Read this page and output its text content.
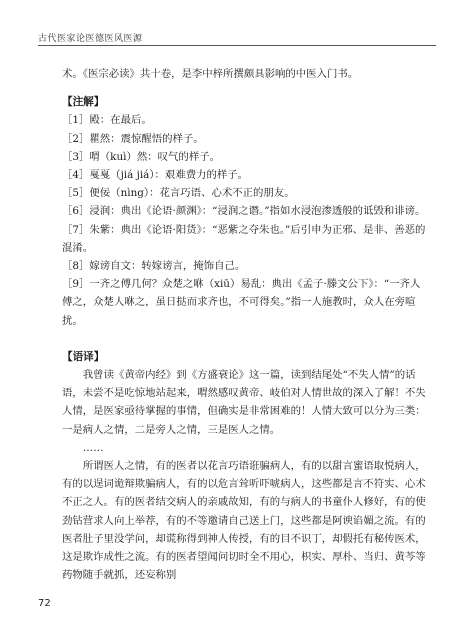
古代医家论医德医风医源

术。《医宗必读》共十卷，是李中梓所撰颇具影响的中医入门书。

【注解】

［1］殿：在最后。

［2］瞿然：震惊醒悟的样子。

［3］喟（kuì）然：叹气的样子。

［4］戛戛（jiá jiá）：艰难费力的样子。

［5］便佞（nìng）：花言巧语、心术不正的朋友。

［6］浸润：典出《论语·颜渊》：“浸润之谮。”指如水浸泡渗透般的诋毁和诽谤。

［7］朱紫：典出《论语·阳货》：“恶紫之夺朱也。”后引申为正邪、是非、善恶的混淆。

［8］嫁谤自文：转嫁谤言，掩饰自己。

［9］一齐之傅几何？众楚之咻（xiū）易乱：典出《孟子·滕文公下》：“一齐人傅之，众楚人咻之，虽日挞而求齐也，不可得矣。”指一人施教时，众人在旁喧扰。

【语译】

我曾读《黄帝内经》到《方盛衰论》这一篇，读到结尾处“不失人情”的话语，未尝不是吃惊地站起来，喟然感叹黄帝、岐伯对人情世故的深入了解！不失人情，是医家亟待掌握的事情，但确实是非常困难的！人情大致可以分为三类：一是病人之情，二是旁人之情，三是医人之情。

……

所谓医人之情，有的医者以花言巧语诳骗病人，有的以甜言蜜语取悦病人，有的以逞词诡辩欺骗病人，有的以危言耸听吓唬病人，这些都是言不符实、心术不正之人。有的医者结交病人的亲戚故知，有的与病人的书童仆人修好，有的使劲钻营求人向上举荐，有的不等邀请自己送上门，这些都是阿谀谄媚之流。有的医者肚子里没学问，却谎称得到神人传授，有的目不识丁，却假托有秘传医术，这是欺诈成性之流。有的医者望闻问切时全不用心，枳实、厚朴、当归、黄芩等药物随手就抓，还妄称别

72
